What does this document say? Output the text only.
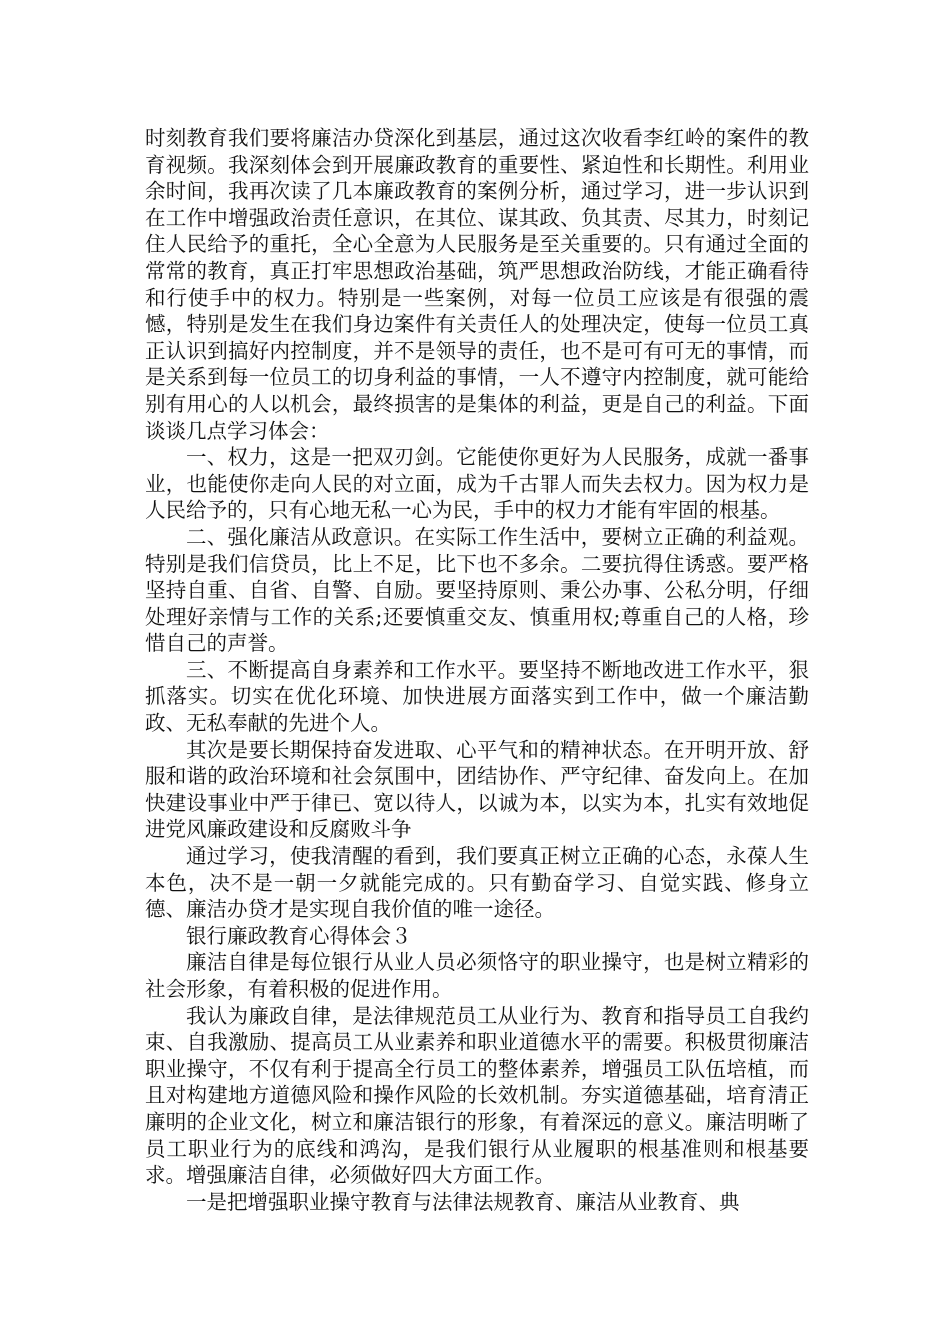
时刻教育我们要将廉洁办贷深化到基层，通过这次收看李红岭的案件的教育视频。我深刻体会到开展廉政教育的重要性、紧迫性和长期性。利用业余时间，我再次读了几本廉政教育的案例分析，通过学习，进一步认识到在工作中增强政治责任意识，在其位、谋其政、负其责、尽其力，时刻记住人民给予的重托，全心全意为人民服务是至关重要的。只有通过全面的常常的教育，真正打牢思想政治基础，筑严思想政治防线，才能正确看待和行使手中的权力。特别是一些案例，对每一位员工应该是有很强的震憾，特别是发生在我们身边案件有关责任人的处理决定，使每一位员工真正认识到搞好内控制度，并不是领导的责任，也不是可有可无的事情，而是关系到每一位员工的切身利益的事情，一人不遵守内控制度，就可能给别有用心的人以机会，最终损害的是集体的利益，更是自己的利益。下面谈谈几点学习体会：

一、权力，这是一把双刃剑。它能使你更好为人民服务，成就一番事业，也能使你走向人民的对立面，成为千古罪人而失去权力。因为权力是人民给予的，只有心地无私一心为民，手中的权力才能有牢固的根基。

二、强化廉洁从政意识。在实际工作生活中，要树立正确的利益观。特别是我们信贷员，比上不足，比下也不多余。二要抗得住诱惑。要严格坚持自重、自省、自警、自励。要坚持原则、秉公办事、公私分明，仔细处理好亲情与工作的关系;还要慎重交友、慎重用权;尊重自己的人格，珍惜自己的声誉。

三、不断提高自身素养和工作水平。要坚持不断地改进工作水平，狠抓落实。切实在优化环境、加快进展方面落实到工作中，做一个廉洁勤政、无私奉献的先进个人。

其次是要长期保持奋发进取、心平气和的精神状态。在开明开放、舒服和谐的政治环境和社会氛围中，团结协作、严守纪律、奋发向上。在加快建设事业中严于律已、宽以待人，以诚为本，以实为本，扎实有效地促进党风廉政建设和反腐败斗争

通过学习，使我清醒的看到，我们要真正树立正确的心态，永葆人生本色，决不是一朝一夕就能完成的。只有勤奋学习、自觉实践、修身立德、廉洁办贷才是实现自我价值的唯一途径。

银行廉政教育心得体会３

廉洁自律是每位银行从业人员必须恪守的职业操守，也是树立精彩的社会形象，有着积极的促进作用。

我认为廉政自律，是法律规范员工从业行为、教育和指导员工自我约束、自我激励、提高员工从业素养和职业道德水平的需要。积极贯彻廉洁职业操守，不仅有利于提高全行员工的整体素养，增强员工队伍培植，而且对构建地方道德风险和操作风险的长效机制。夯实道德基础，培育清正廉明的企业文化，树立和廉洁银行的形象，有着深远的意义。廉洁明晰了员工职业行为的底线和鸿沟，是我们银行从业履职的根基准则和根基要求。增强廉洁自律，必须做好四大方面工作。

一是把增强职业操守教育与法律法规教育、廉洁从业教育、典
